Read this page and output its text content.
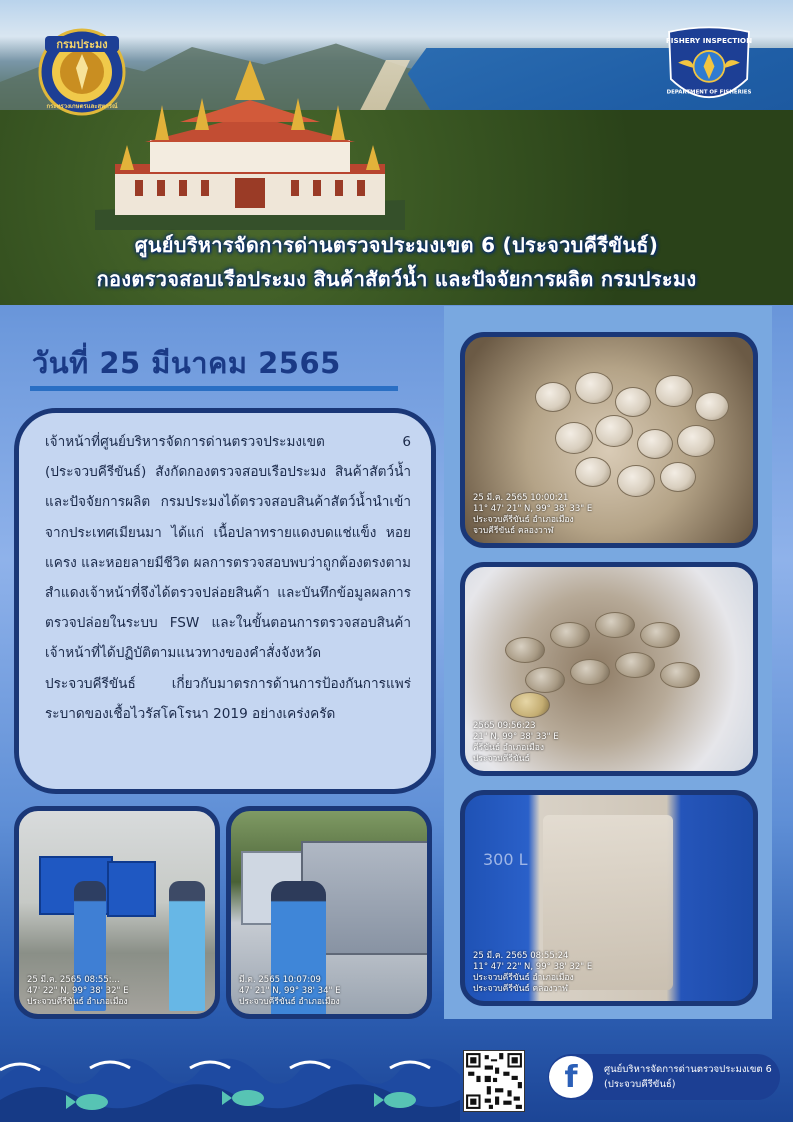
กรมประมง
กระทรวงเกษตรและสหกรณ์
FISHERY INSPECTION
DEPARTMENT OF FISHERIES
ศูนย์บริหารจัดการด่านตรวจประมงเขต 6 (ประจวบคีรีขันธ์)
กองตรวจสอบเรือประมง สินค้าสัตว์น้ำ และปัจจัยการผลิต กรมประมง
วันที่ 25 มีนาคม 2565

เจ้าหน้าที่ศูนย์บริหารจัดการด่านตรวจประมงเขต 6 (ประจวบคีรีขันธ์) สังกัดกองตรวจสอบเรือประมง สินค้าสัตว์น้ำ และปัจจัยการผลิต กรมประมงได้ตรวจสอบสินค้าสัตว์น้ำนำเข้า จากประเทศเมียนมา ได้แก่ เนื้อปลาทรายแดงบดแช่แข็ง หอยแครง และหอยลายมีชีวิต ผลการตรวจสอบพบว่าถูกต้องตรงตามสำแดงเจ้าหน้าที่จึงได้ตรวจปล่อยสินค้า และบันทึกข้อมูลผลการตรวจปล่อยในระบบ FSW และในขั้นตอนการตรวจสอบสินค้าเจ้าหน้าที่ได้ปฏิบัติตามแนวทางของคำสั่งจังหวัดประจวบคีรีขันธ์ เกี่ยวกับมาตรการด้านการป้องกันการแพร่ระบาดของเชื้อไวรัสโคโรนา 2019 อย่างเคร่งครัด

25 มี.ค. 2565 10:00:21
11° 47' 21" N, 99° 38' 33" E
ประจวบคีรีขันธ์ อำเภอเมือง
จวบคีรีขันธ์ คลองวาฬ
2565 09:56:23
21" N, 99° 38' 33" E
คีรีขันธ์ อำเภอเมือง
ประจวบคีรีขันธ์
300 L
25 มี.ค. 2565 08:55:24
11° 47' 22" N, 99° 38' 32" E
ประจวบคีรีขันธ์ อำเภอเมือง
ประจวบคีรีขันธ์ คลองวาฬ
25 มี.ค. 2565 08:55:...
47' 22" N, 99° 38' 32" E
ประจวบคีรีขันธ์ อำเภอเมือง
มี.ค. 2565 10:07:09
47' 21" N, 99° 38' 34" E
ประจวบคีรีขันธ์ อำเภอเมือง
f	ศูนย์บริหารจัดการด่านตรวจประมงเขต 6 (ประจวบคีรีขันธ์)
